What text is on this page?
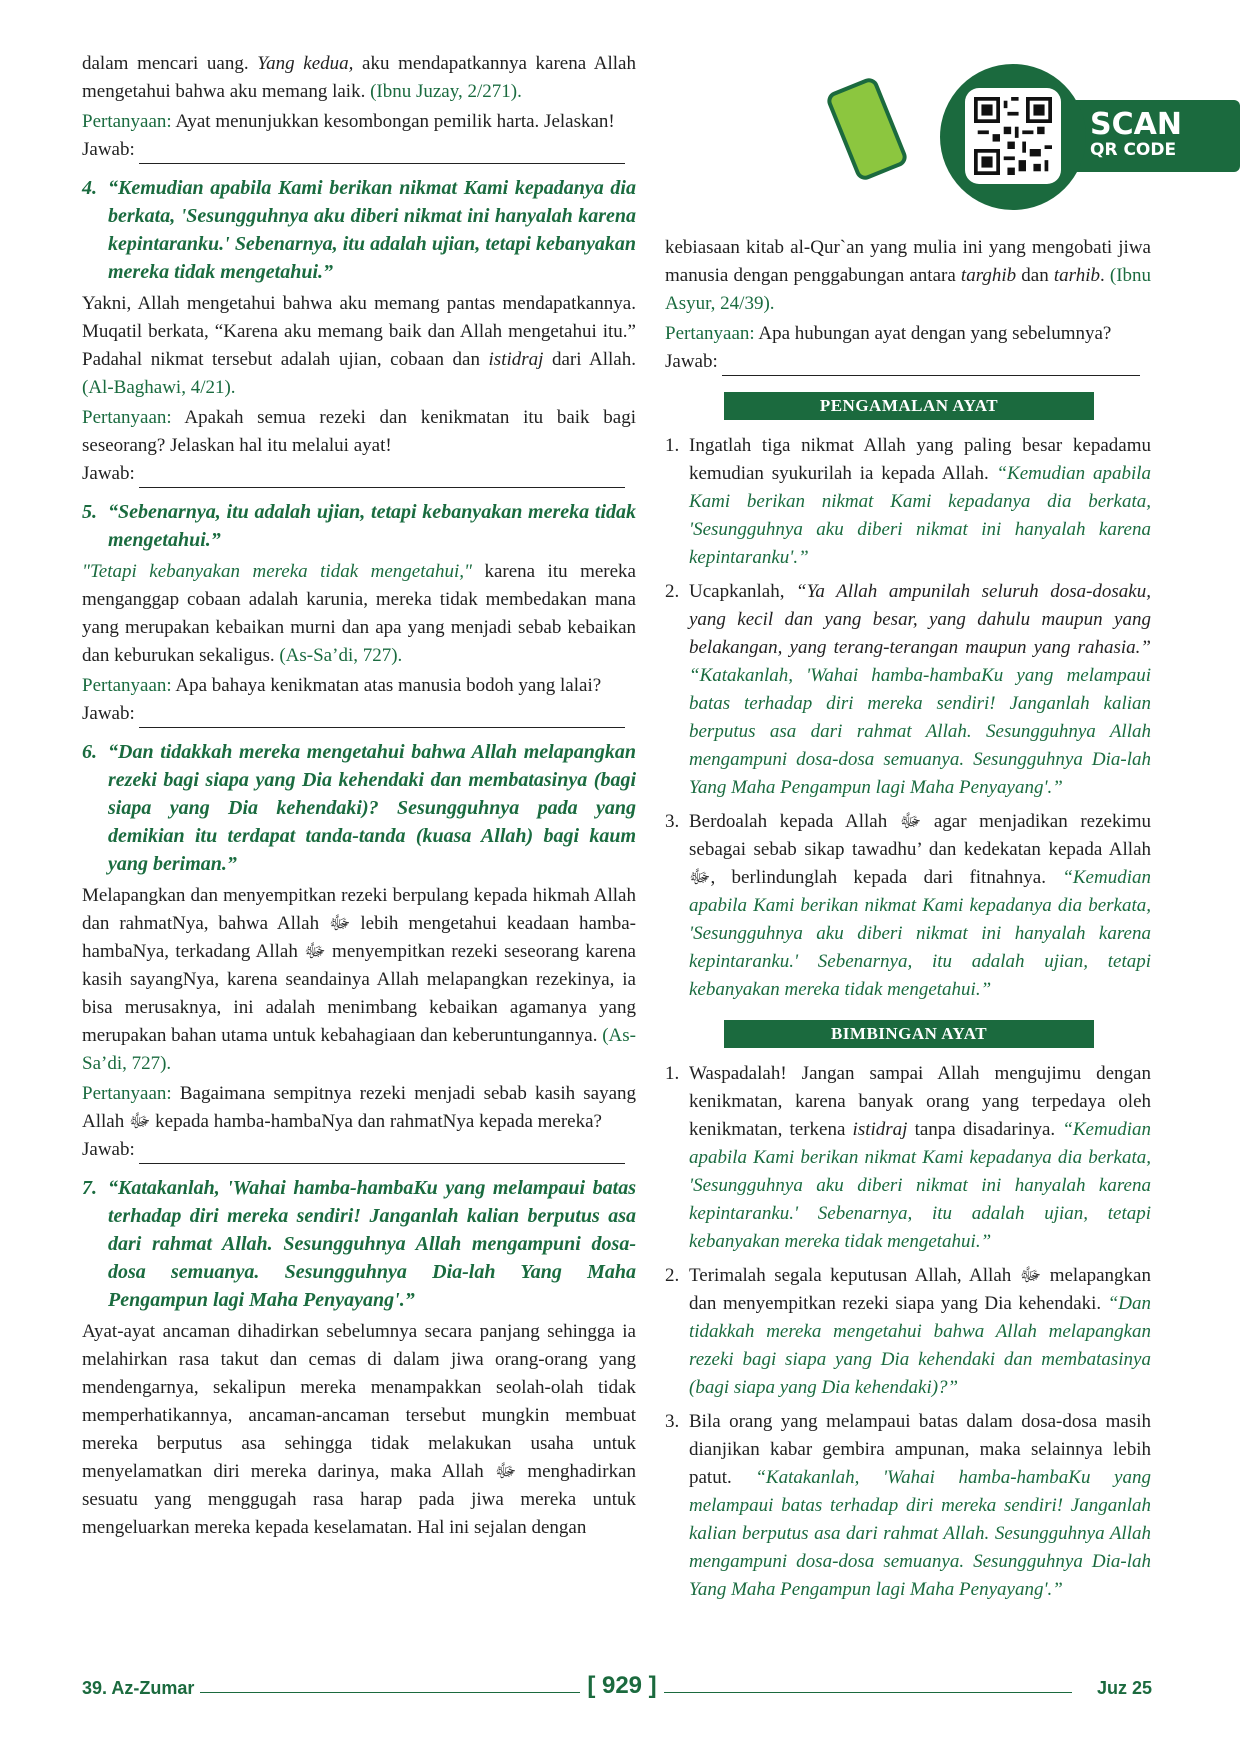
SCAN
QR CODE

dalam mencari uang. Yang kedua, aku mendapatkannya karena Allah mengetahui bahwa aku memang laik. (Ibnu Juzay, 2/271).

Pertanyaan: Ayat menunjukkan kesombongan pemilik harta. Jelaskan!

Jawab:
4. “Kemudian apabila Kami berikan nikmat Kami kepadanya dia berkata, 'Sesungguhnya aku diberi nikmat ini hanyalah karena kepintaranku.' Sebenarnya, itu adalah ujian, tetapi kebanyakan mereka tidak mengetahui.”

Yakni, Allah mengetahui bahwa aku memang pantas mendapatkannya. Muqatil berkata, “Karena aku memang baik dan Allah mengetahui itu.” Padahal nikmat tersebut adalah ujian, cobaan dan istidraj dari Allah. (Al-Baghawi, 4/21).

Pertanyaan: Apakah semua rezeki dan kenikmatan itu baik bagi seseorang? Jelaskan hal itu melalui ayat!

Jawab:
5. “Sebenarnya, itu adalah ujian, tetapi kebanyakan mereka tidak mengetahui.”

"Tetapi kebanyakan mereka tidak mengetahui," karena itu mereka menganggap cobaan adalah karunia, mereka tidak membedakan mana yang merupakan kebaikan murni dan apa yang menjadi sebab kebaikan dan keburukan sekaligus. (As-Sa’di, 727).

Pertanyaan: Apa bahaya kenikmatan atas manusia bodoh yang lalai?

Jawab:
6. “Dan tidakkah mereka mengetahui bahwa Allah melapangkan rezeki bagi siapa yang Dia kehendaki dan membatasinya (bagi siapa yang Dia kehendaki)? Sesungguhnya pada yang demikian itu terdapat tanda-tanda (kuasa Allah) bagi kaum yang beriman.”

Melapangkan dan menyempitkan rezeki berpulang kepada hikmah Allah dan rahmatNya, bahwa Allah ﷻ lebih mengetahui keadaan hamba-hambaNya, terkadang Allah ﷻ menyempitkan rezeki seseorang karena kasih sayangNya, karena seandainya Allah melapangkan rezekinya, ia bisa merusaknya, ini adalah menimbang kebaikan agamanya yang merupakan bahan utama untuk kebahagiaan dan keberuntungannya. (As-Sa’di, 727).

Pertanyaan: Bagaimana sempitnya rezeki menjadi sebab kasih sayang Allah ﷻ kepada hamba-hambaNya dan rahmatNya kepada mereka?

Jawab:
7. “Katakanlah, 'Wahai hamba-hambaKu yang melampaui batas terhadap diri mereka sendiri! Janganlah kalian berputus asa dari rahmat Allah. Sesungguhnya Allah mengampuni dosa-dosa semuanya. Sesungguhnya Dia-lah Yang Maha Pengampun lagi Maha Penyayang'.”

Ayat-ayat ancaman dihadirkan sebelumnya secara panjang sehingga ia melahirkan rasa takut dan cemas di dalam jiwa orang-orang yang mendengarnya, sekalipun mereka menampakkan seolah-olah tidak memperhatikannya, ancaman-ancaman tersebut mungkin membuat mereka berputus asa sehingga tidak melakukan usaha untuk menyelamatkan diri mereka darinya, maka Allah ﷻ menghadirkan sesuatu yang menggugah rasa harap pada jiwa mereka untuk mengeluarkan mereka kepada keselamatan. Hal ini sejalan dengan

kebiasaan kitab al-Qur`an yang mulia ini yang mengobati jiwa manusia dengan penggabungan antara targhib dan tarhib. (Ibnu Asyur, 24/39).

Pertanyaan: Apa hubungan ayat dengan yang sebelumnya?

Jawab:
PENGAMALAN AYAT
1. Ingatlah tiga nikmat Allah yang paling besar kepadamu kemudian syukurilah ia kepada Allah. “Kemudian apabila Kami berikan nikmat Kami kepadanya dia berkata, 'Sesungguhnya aku diberi nikmat ini hanyalah karena kepintaranku'.”
2. Ucapkanlah, “Ya Allah ampunilah seluruh dosa-dosaku, yang kecil dan yang besar, yang dahulu maupun yang belakangan, yang terang-terangan maupun yang rahasia.” “Katakanlah, 'Wahai hamba-hambaKu yang melampaui batas terhadap diri mereka sendiri! Janganlah kalian berputus asa dari rahmat Allah. Sesungguhnya Allah mengampuni dosa-dosa semuanya. Sesungguhnya Dia-lah Yang Maha Pengampun lagi Maha Penyayang'.”
3. Berdoalah kepada Allah ﷻ agar menjadikan rezekimu sebagai sebab sikap tawadhu’ dan kedekatan kepada Allah ﷻ, berlindunglah kepada dari fitnahnya. “Kemudian apabila Kami berikan nikmat Kami kepadanya dia berkata, 'Sesungguhnya aku diberi nikmat ini hanyalah karena kepintaranku.' Sebenarnya, itu adalah ujian, tetapi kebanyakan mereka tidak mengetahui.”
BIMBINGAN AYAT
1. Waspadalah! Jangan sampai Allah mengujimu dengan kenikmatan, karena banyak orang yang terpedaya oleh kenikmatan, terkena istidraj tanpa disadarinya. “Kemudian apabila Kami berikan nikmat Kami kepadanya dia berkata, 'Sesungguhnya aku diberi nikmat ini hanyalah karena kepintaranku.' Sebenarnya, itu adalah ujian, tetapi kebanyakan mereka tidak mengetahui.”
2. Terimalah segala keputusan Allah, Allah ﷻ melapangkan dan menyempitkan rezeki siapa yang Dia kehendaki. “Dan tidakkah mereka mengetahui bahwa Allah melapangkan rezeki bagi siapa yang Dia kehendaki dan membatasinya (bagi siapa yang Dia kehendaki)?”
3. Bila orang yang melampaui batas dalam dosa-dosa masih dianjikan kabar gembira ampunan, maka selainnya lebih patut. “Katakanlah, 'Wahai hamba-hambaKu yang melampaui batas terhadap diri mereka sendiri! Janganlah kalian berputus asa dari rahmat Allah. Sesungguhnya Allah mengampuni dosa-dosa semuanya. Sesungguhnya Dia-lah Yang Maha Pengampun lagi Maha Penyayang'.”
39. Az-Zumar	[ 929 ]	Juz 25
